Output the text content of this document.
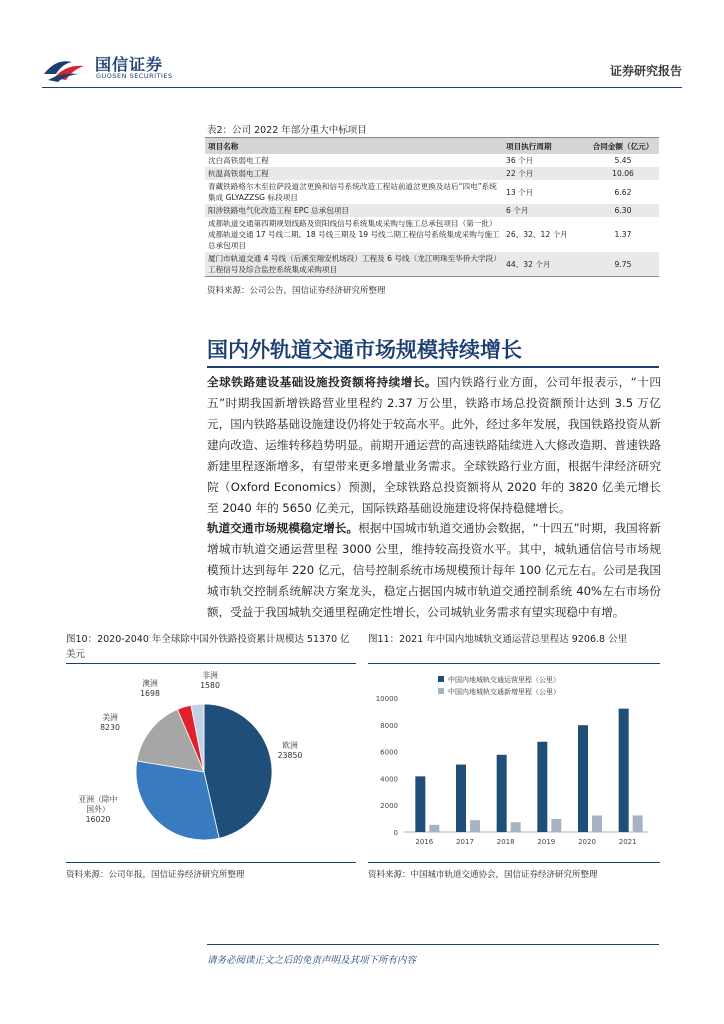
国信证券
GUOSEN SECURITIES	证券研究报告
表2：公司 2022 年部分重大中标项目
项目名称	项目执行周期	合同金额（亿元）
沈白高铁弱电工程	36 个月	5.45
杭温高铁弱电工程	22 个月	10.06
青藏铁路格尔木至拉萨段道岔更换和信号系统改造工程站前道岔更换及站后“四电”系统集成 GLYAZZSG 标段项目	13 个月	6.62
阳涉铁路电气化改造工程 EPC 总承包项目	6 个月	6.30
成都轨道交通第四期规划线路及资阳线信号系统集成采购与施工总承包项目（第一批）成都轨道交通 17 号线二期、18 号线三期及 19 号线二期工程信号系统集成采购与施工总承包项目	26、32、12 个月	1.37
厦门市轨道交通 4 号线（后溪至翔安机场段）工程及 6 号线（龙江明珠至华侨大学段）工程信号及综合监控系统集成采购项目	44、32 个月	9.75
资料来源：公司公告，国信证券经济研究所整理
国内外轨道交通市场规模持续增长
全球铁路建设基础设施投资额将持续增长。国内铁路行业方面，公司年报表示，“十四五”时期我国新增铁路营业里程约 2.37 万公里，铁路市场总投资额预计达到 3.5 万亿元，国内铁路基础设施建设仍将处于较高水平。此外，经过多年发展，我国铁路投资从新建向改造、运维转移趋势明显。前期开通运营的高速铁路陆续进入大修改造期、普速铁路新建里程逐渐增多，有望带来更多增量业务需求。全球铁路行业方面，根据牛津经济研究院（Oxford Economics）预测，全球铁路总投资额将从 2020 年的 3820 亿美元增长至 2040 年的 5650 亿美元，国际铁路基础设施建设将保持稳健增长。
轨道交通市场规模稳定增长。根据中国城市轨道交通协会数据，“十四五”时期，我国将新增城市轨道交通运营里程 3000 公里，维持较高投资水平。其中，城轨通信信号市场规模预计达到每年 220 亿元，信号控制系统市场规模预计每年 100 亿元左右。公司是我国城市轨交控制系统解决方案龙头，稳定占据国内城市轨道交通控制系统 40%左右市场份额，受益于我国城轨交通里程确定性增长，公司城轨业务需求有望实现稳中有增。
图10：2020-2040 年全球除中国外铁路投资累计规模达 51370 亿美元
欧洲
23850
亚洲（除中
国外）
16020
美洲
8230
澳洲
1698
非洲
1580
资料来源：公司年报，国信证券经济研究所整理
图11：2021 年中国内地城轨交通运营总里程达 9206.8 公里
0
2000
4000
6000
8000
10000
2016	2017	2018	2019	2020	2021
中国内地城轨交通运营里程（公里）
中国内地城轨交通新增里程（公里）
资料来源：中国城市轨道交通协会，国信证券经济研究所整理
请务必阅读正文之后的免责声明及其项下所有内容
